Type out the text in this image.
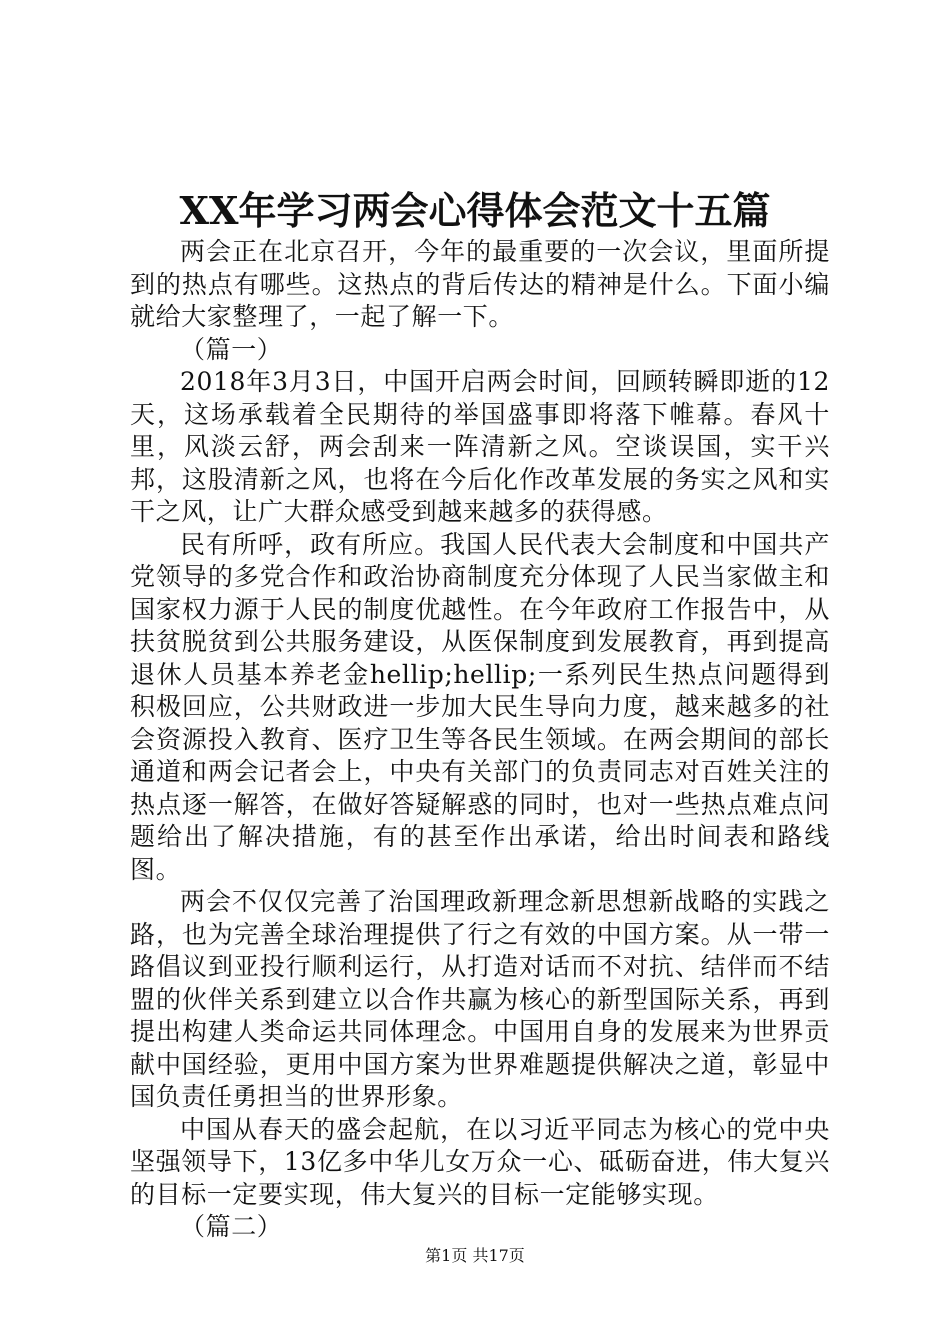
XX年学习两会心得体会范文十五篇

两会正在北京召开，今年的最重要的一次会议，里面所提到的热点有哪些。这热点的背后传达的精神是什么。下面小编就给大家整理了，一起了解一下。

（篇一）

2018年3月3日，中国开启两会时间，回顾转瞬即逝的12天，这场承载着全民期待的举国盛事即将落下帷幕。春风十里，风淡云舒，两会刮来一阵清新之风。空谈误国，实干兴邦，这股清新之风，也将在今后化作改革发展的务实之风和实干之风，让广大群众感受到越来越多的获得感。

民有所呼，政有所应。我国人民代表大会制度和中国共产党领导的多党合作和政治协商制度充分体现了人民当家做主和国家权力源于人民的制度优越性。在今年政府工作报告中，从扶贫脱贫到公共服务建设，从医保制度到发展教育，再到提高退休人员基本养老金hellip;hellip;一系列民生热点问题得到积极回应，公共财政进一步加大民生导向力度，越来越多的社会资源投入教育、医疗卫生等各民生领域。在两会期间的部长通道和两会记者会上，中央有关部门的负责同志对百姓关注的热点逐一解答，在做好答疑解惑的同时，也对一些热点难点问题给出了解决措施，有的甚至作出承诺，给出时间表和路线图。

两会不仅仅完善了治国理政新理念新思想新战略的实践之路，也为完善全球治理提供了行之有效的中国方案。从一带一路倡议到亚投行顺利运行，从打造对话而不对抗、结伴而不结盟的伙伴关系到建立以合作共赢为核心的新型国际关系，再到提出构建人类命运共同体理念。中国用自身的发展来为世界贡献中国经验，更用中国方案为世界难题提供解决之道，彰显中国负责任勇担当的世界形象。

中国从春天的盛会起航，在以习近平同志为核心的党中央坚强领导下，13亿多中华儿女万众一心、砥砺奋进，伟大复兴的目标一定要实现，伟大复兴的目标一定能够实现。

（篇二）

第1页 共17页
